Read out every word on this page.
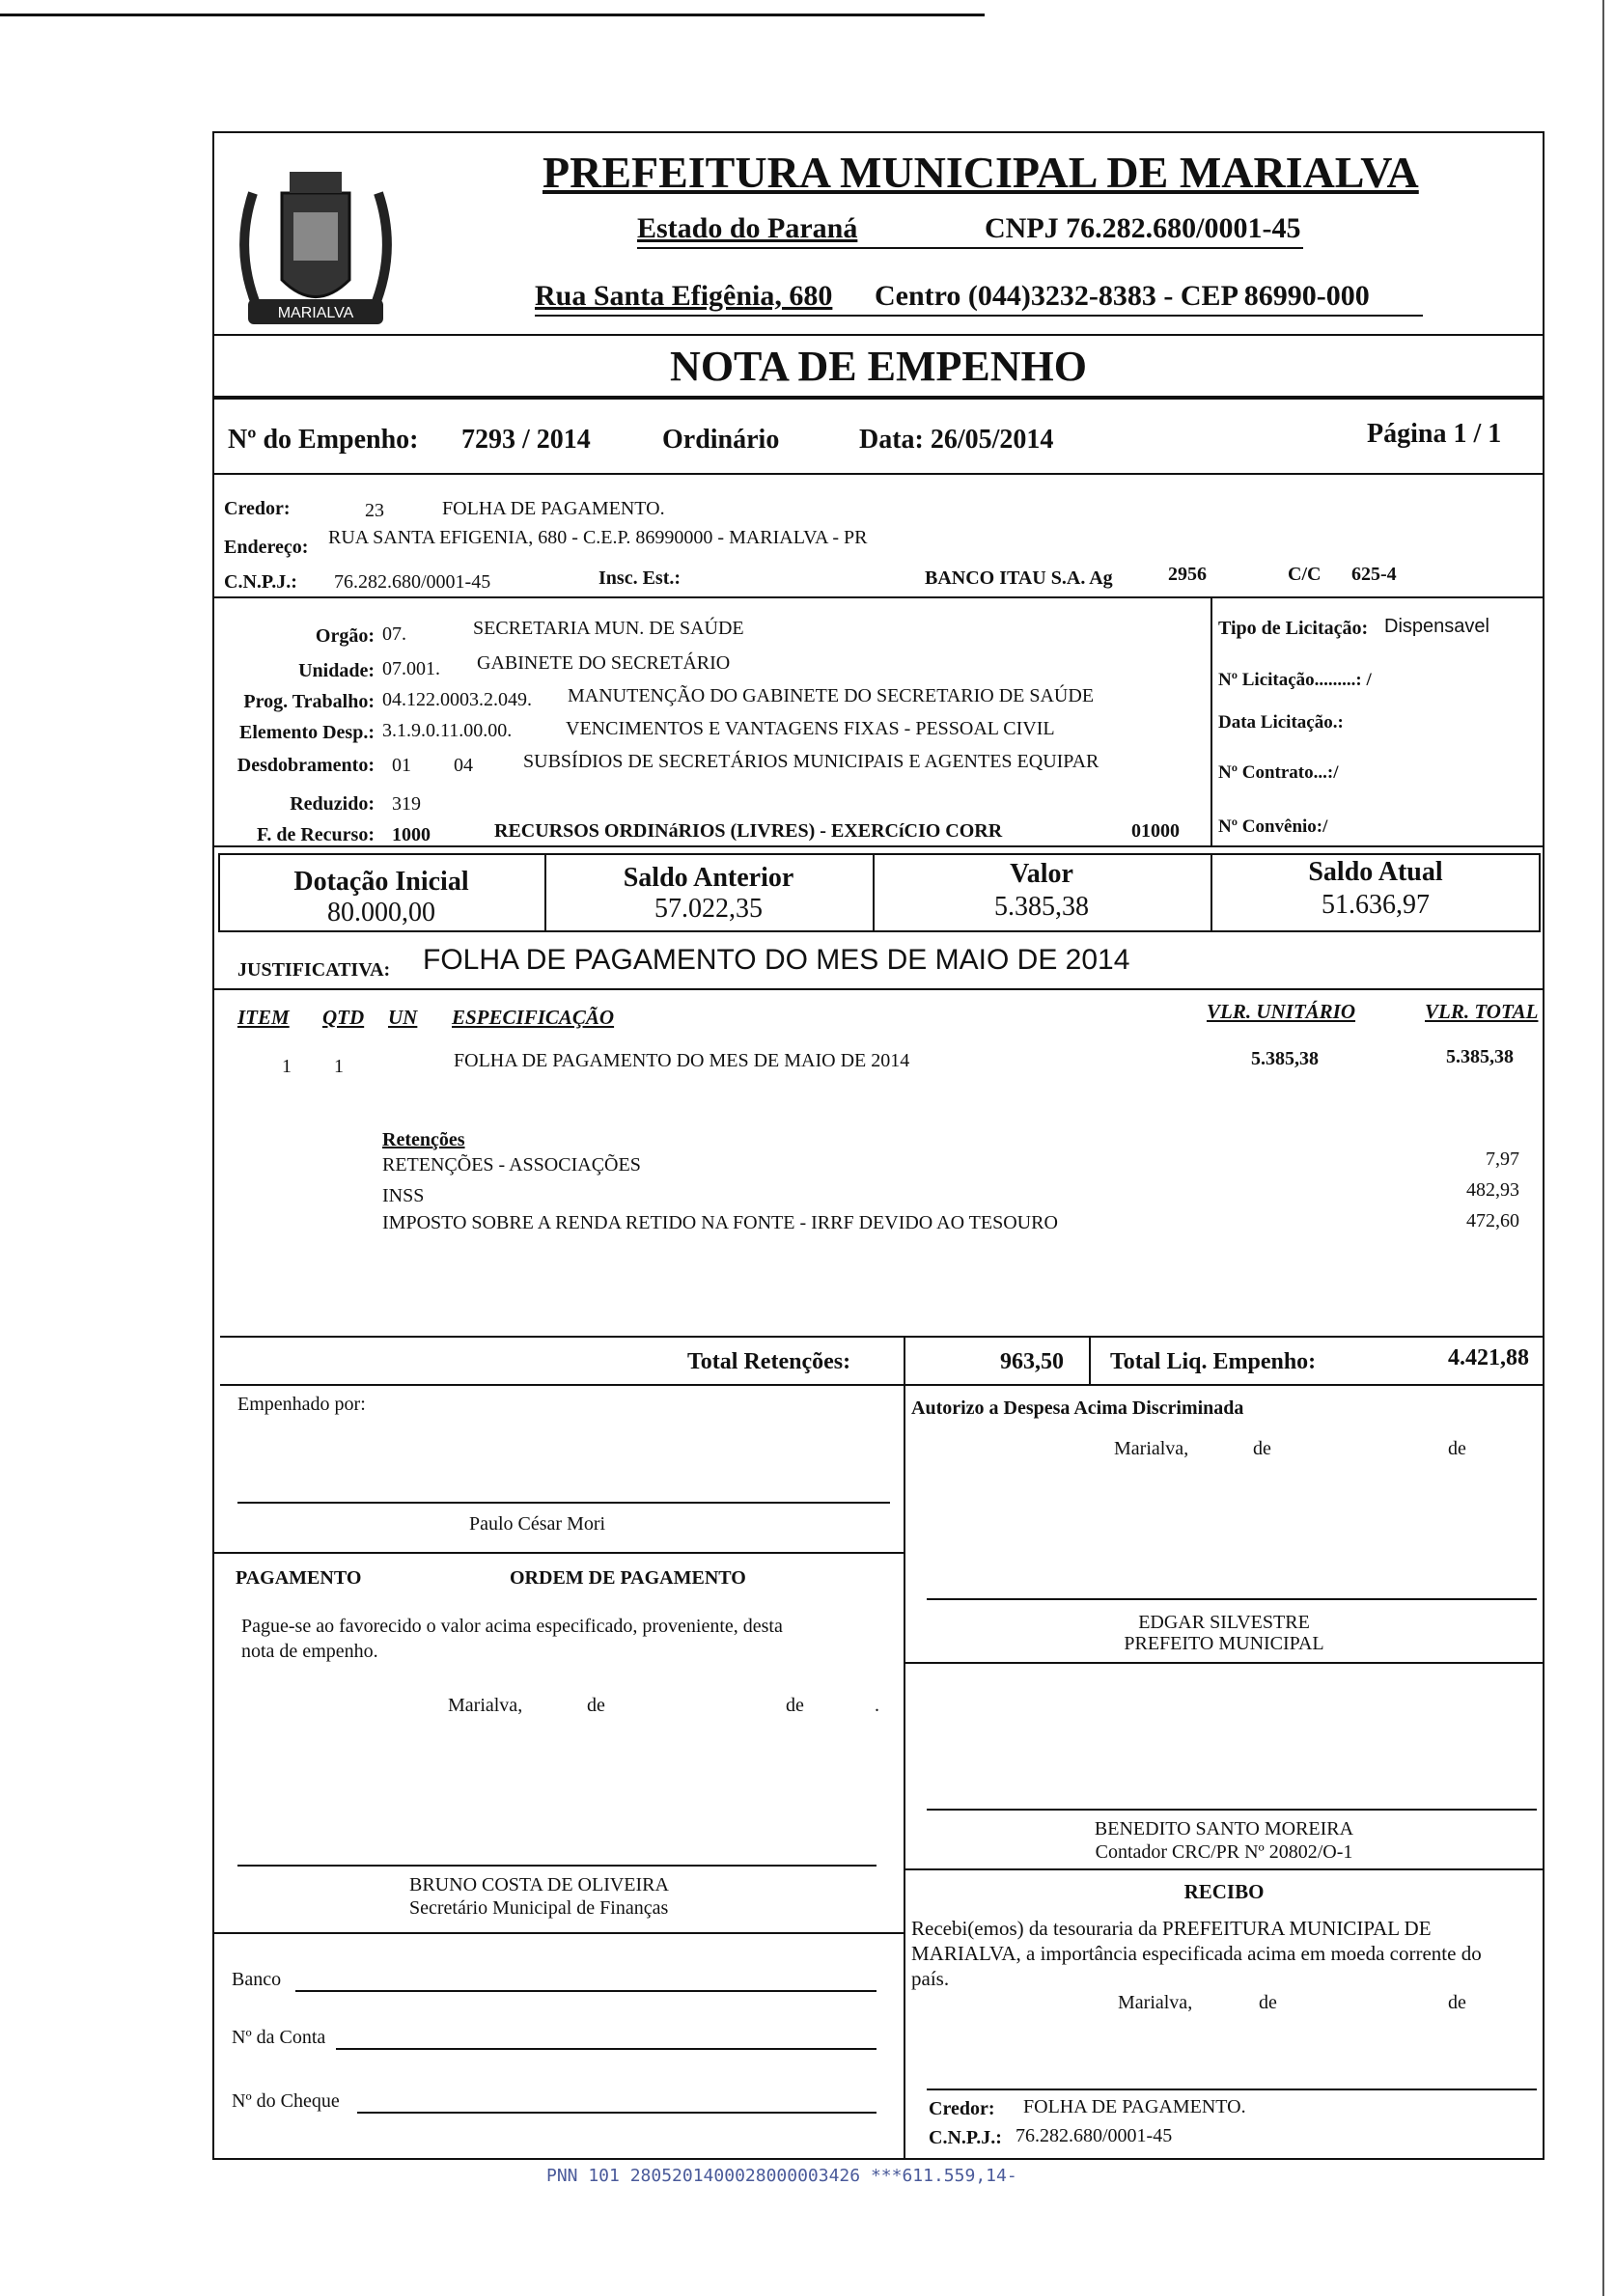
MARIALVA
PREFEITURA MUNICIPAL DE MARIALVA
Estado do Paraná	CNPJ 76.282.680/0001-45
Rua Santa Efigênia, 680 Centro (044)3232-8383 - CEP 86990-000
NOTA DE EMPENHO
Nº do Empenho: 7293 / 2014	Ordinário	Data: 26/05/2014	Página 1 / 1
Credor:	23	FOLHA DE PAGAMENTO.
Endereço: RUA SANTA EFIGENIA, 680 - C.E.P. 86990000 - MARIALVA - PR
C.N.P.J.: 76.282.680/0001-45	Insc. Est.:	BANCO ITAU S.A. Ag	2956	C/C 625-4
Orgão: 07.	SECRETARIA MUN. DE SAÚDE
Unidade: 07.001. GABINETE DO SECRETÁRIO
Prog. Trabalho: 04.122.0003.2.049. MANUTENÇÃO DO GABINETE DO SECRETARIO DE SAÚDE
Elemento Desp.: 3.1.9.0.11.00.00.	VENCIMENTOS E VANTAGENS FIXAS - PESSOAL CIVIL
Desdobramento: 01 04	SUBSÍDIOS DE SECRETÁRIOS MUNICIPAIS E AGENTES EQUIPAR
Reduzido: 319
F. de Recurso: 1000	RECURSOS ORDINáRIOS (LIVRES) - EXERCíCIO CORR	01000
Tipo de Licitação: Dispensavel
Nº Licitação.........: /
Data Licitação.:
Nº Contrato...:/
Nº Convênio:/
Dotação Inicial
80.000,00
Saldo Anterior
57.022,35
Valor
5.385,38
Saldo Atual
51.636,97
JUSTIFICATIVA: FOLHA DE PAGAMENTO DO MES DE MAIO DE 2014
ITEM QTD UN ESPECIFICAÇÃO	VLR. UNITÁRIO	VLR. TOTAL
1 1	FOLHA DE PAGAMENTO DO MES DE MAIO DE 2014	5.385,38	5.385,38
Retenções
RETENÇÕES - ASSOCIAÇÕES	7,97
INSS	482,93
IMPOSTO SOBRE A RENDA RETIDO NA FONTE - IRRF DEVIDO AO TESOURO	472,60
Total Retenções:	963,50 Total Liq. Empenho:	4.421,88
Empenhado por:
Paulo César Mori
PAGAMENTO	ORDEM DE PAGAMENTO
Pague-se ao favorecido o valor acima especificado, proveniente, desta
nota de empenho.
Marialva,	de	de	.
BRUNO COSTA DE OLIVEIRA
Secretário Municipal de Finanças
Banco
Nº da Conta
Nº do Cheque
Autorizo a Despesa Acima Discriminada
Marialva,	de	de
EDGAR SILVESTRE
PREFEITO MUNICIPAL
BENEDITO SANTO MOREIRA
Contador CRC/PR Nº 20802/O-1
RECIBO
Recebi(emos) da tesouraria da PREFEITURA MUNICIPAL DE
MARIALVA, a importância especificada acima em moeda corrente do
país.
Marialva,	de	de
Credor: FOLHA DE PAGAMENTO.
C.N.P.J.: 76.282.680/0001-45
PNN 101 2805201400028000003426 ***611.559,14-
